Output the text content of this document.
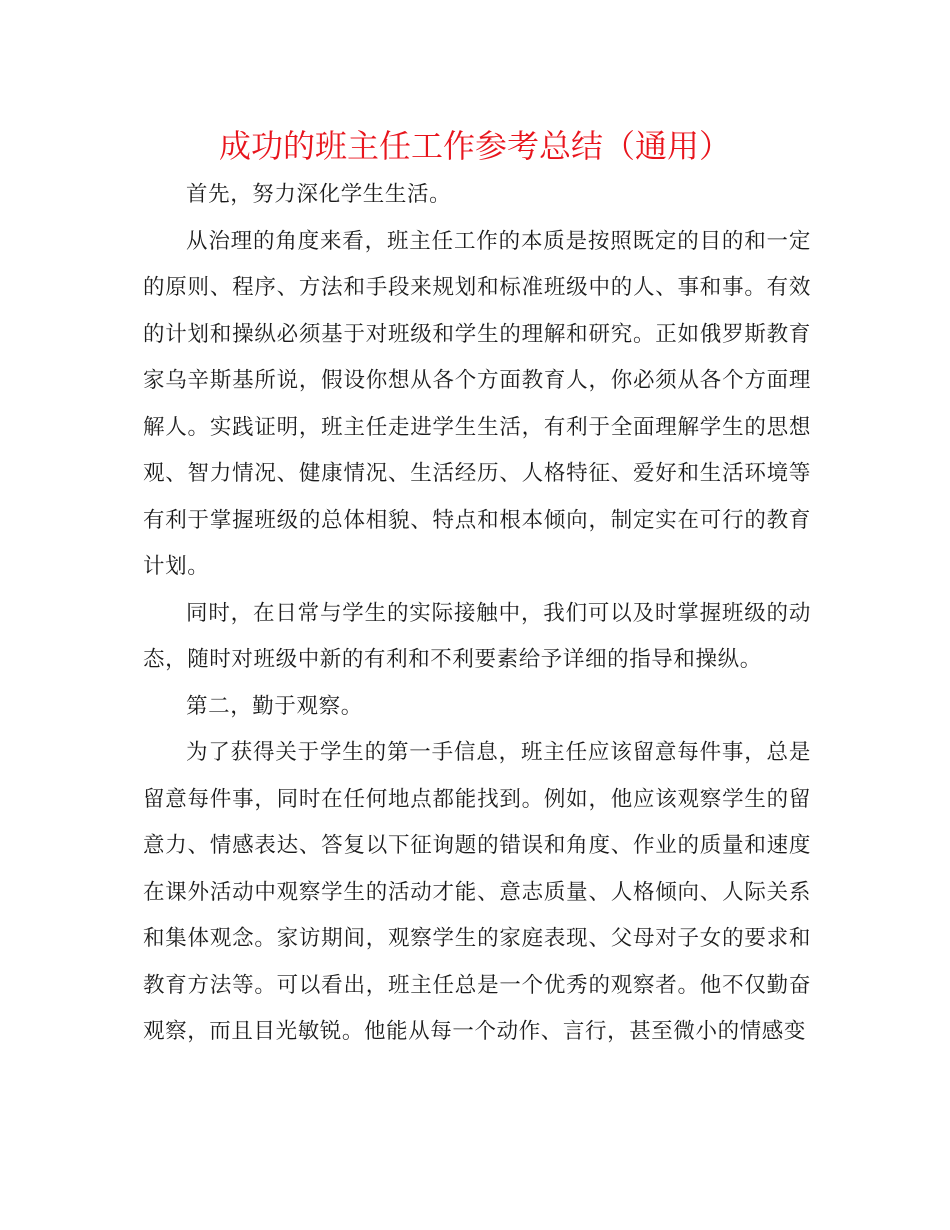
成功的班主任工作参考总结（通用）

首先，努力深化学生生活。

从治理的角度来看，班主任工作的本质是按照既定的目的和一定的原则、程序、方法和手段来规划和标准班级中的人、事和事。有效的计划和操纵必须基于对班级和学生的理解和研究。正如俄罗斯教育家乌辛斯基所说，假设你想从各个方面教育人，你必须从各个方面理解人。实践证明，班主任走进学生生活，有利于全面理解学生的思想观、智力情况、健康情况、生活经历、人格特征、爱好和生活环境等有利于掌握班级的总体相貌、特点和根本倾向，制定实在可行的教育计划。

同时，在日常与学生的实际接触中，我们可以及时掌握班级的动态，随时对班级中新的有利和不利要素给予详细的指导和操纵。

第二，勤于观察。

为了获得关于学生的第一手信息，班主任应该留意每件事，总是留意每件事，同时在任何地点都能找到。例如，他应该观察学生的留意力、情感表达、答复以下征询题的错误和角度、作业的质量和速度在课外活动中观察学生的活动才能、意志质量、人格倾向、人际关系和集体观念。家访期间，观察学生的家庭表现、父母对子女的要求和教育方法等。可以看出，班主任总是一个优秀的观察者。他不仅勤奋观察，而且目光敏锐。他能从每一个动作、言行，甚至微小的情感变
